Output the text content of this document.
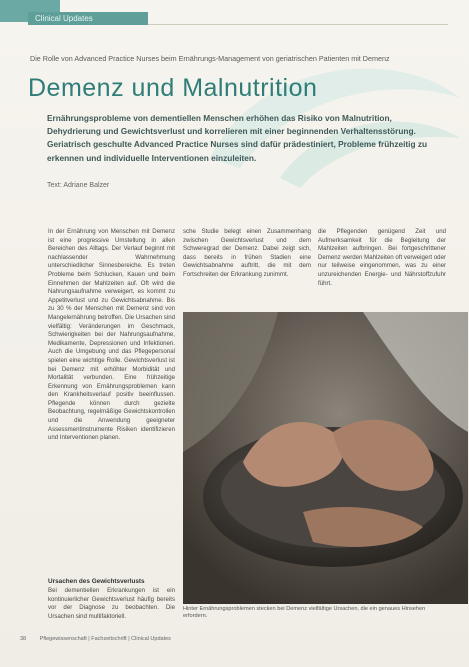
Clinical Updates
Die Rolle von Advanced Practice Nurses beim Ernährungs-Management von geriatrischen Patienten mit Demenz
Demenz und Malnutrition
Ernährungsprobleme von dementiellen Menschen erhöhen das Risiko von Malnutrition, Dehydrierung und Gewichtsverlust und korrelieren mit einer beginnenden Verhaltensstörung. Geriatrisch geschulte Advanced Practice Nurses sind dafür prädestiniert, Probleme frühzeitig zu erkennen und individuelle Interventionen einzuleiten.
Text: Adriane Balzer
In der Ernährung von Menschen mit Demenz ist eine progressive Umstellung in allen Bereichen des Alltags. Der Verlauf beginnt mit nachlassender Wahrnehmung unterschiedlicher Sinnesbereiche. Es treten Probleme beim Schlucken, Kauen und beim Einnehmen der Mahlzeiten auf. Oft wird die Nahrungsaufnahme verweigert, es kommt zu Appetitverlust und zu Gewichtsabnahme. Bis zu 30 % der Menschen mit Demenz sind von Mangelernährung betroffen. Die Ursachen sind vielfältig: Veränderungen im Geschmack, Schwierigkeiten bei der Nahrungsaufnahme, Medikamente, Depressionen und Infektionen. Auch die Umgebung und das Pflegepersonal spielen eine wichtige Rolle. Gewichtsverlust ist bei Demenz mit erhöhter Morbidität und Mortalität verbunden. Eine frühzeitige Erkennung von Ernährungsproblemen kann den Krankheitsverlauf positiv beeinflussen. Pflegende können durch gezielte Beobachtung, regelmäßige Gewichtskontrollen und die Anwendung geeigneter Assessmentinstrumente Risiken identifizieren und Interventionen planen.
Ursachen des Gewichtsverlusts
Bei dementiellen Erkrankungen ist ein kontinuierlicher Gewichtsverlust häufig bereits vor der Diagnose zu beobachten. Die Ursachen sind multifaktoriell.
sche Studie belegt einen Zusammenhang zwischen Gewichtsverlust und dem Schweregrad der Demenz. Dabei zeigt sich, dass bereits in frühen Stadien eine Gewichtsabnahme auftritt, die mit dem Fortschreiten der Erkrankung zunimmt.
die Pflegenden genügend Zeit und Aufmerksamkeit für die Begleitung der Mahlzeiten aufbringen. Bei fortgeschrittener Demenz werden Mahlzeiten oft verweigert oder nur teilweise eingenommen, was zu einer unzureichenden Energie- und Nährstoffzufuhr führt.
Hinter Ernährungsproblemen stecken bei Demenz vielfältige Ursachen, die ein genaues Hinsehen erfordern.
38 Pflegewissenschaft | Fachzeitschrift | Clinical Updates
